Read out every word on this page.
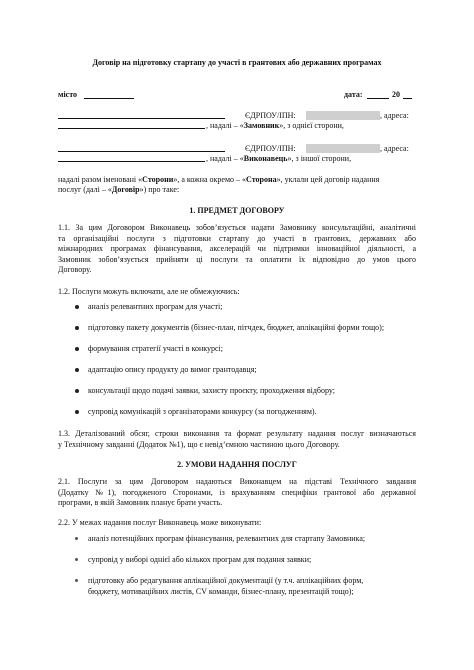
Договір на підготовку стартапу до участі в грантових або державних програмах
місто	дата:	20
ЄДРПОУ/ІПН:	, адреса:
, надалі – «Замовник», з однієї сторони,
ЄДРПОУ/ІПН:	, адреса:
, надалі – «Виконавець», з іншої сторони,
надалі разом іменовані «Сторони», а кожна окремо – «Сторона», уклали цей договір надання
послуг (далі – «Договір») про таке:
1. ПРЕДМЕТ ДОГОВОРУ
1.1. За цим Договором Виконавець зобов’язується надати Замовнику консультаційні, аналітичні
та організаційні послуги з підготовки стартапу до участі в грантових, державних або
міжнародних програмах фінансування, акселерацій чи підтримки інноваційної діяльності, а
Замовник зобов’язується прийняти ці послуги та оплатити їх відповідно до умов цього
Договору.
1.2. Послуги можуть включати, але не обмежуючись:
аналіз релевантних програм для участі;
підготовку пакету документів (бізнес-план, пітчдек, бюджет, аплікаційні форми тощо);
формування стратегії участі в конкурсі;
адаптацію опису продукту до вимог грантодавця;
консультації щодо подачі заявки, захисту проєкту, проходження відбору;
супровід комунікацій з організаторами конкурсу (за погодженням).
1.3. Деталізований обсяг, строки виконання та формат результату надання послуг визначаються
у Технічному завданні (Додаток №1), що є невід’ємною частиною цього Договору.
2. УМОВИ НАДАННЯ ПОСЛУГ
2.1. Послуги за цим Договором надаються Виконавцем на підставі Технічного завдання
(Додатку №1), погодженого Сторонами, із врахуванням специфіки грантової або державної
програми, в якій Замовник планує брати участь.
2.2. У межах надання послуг Виконавець може виконувати:
аналіз потенційних програм фінансування, релевантних для стартапу Замовника;
супровід у виборі однієї або кількох програм для подання заявки;
підготовку або редагування аплікаційної документації (у т.ч. аплікаційних форм,
бюджету, мотиваційних листів, CV команди, бізнес-плану, презентацій тощо);
